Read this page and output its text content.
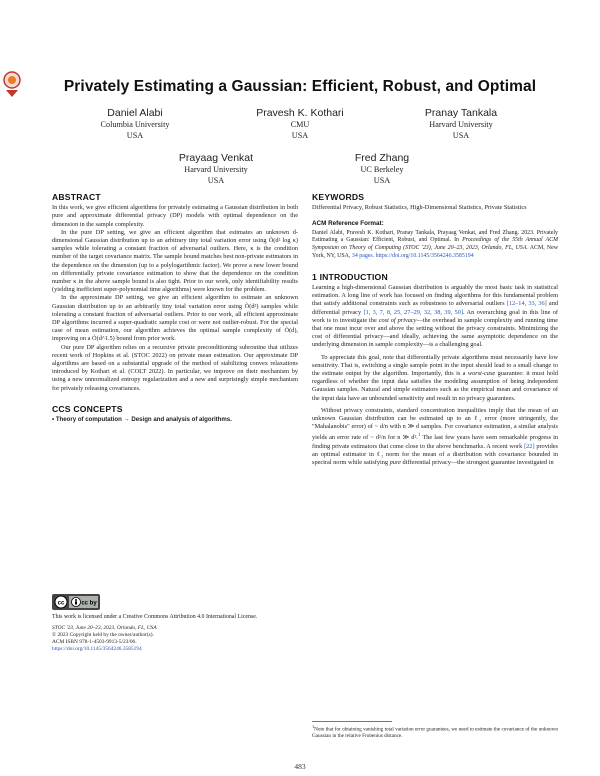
Privately Estimating a Gaussian: Efficient, Robust, and Optimal
Daniel Alabi
Columbia University
USA
Pravesh K. Kothari
CMU
USA
Pranay Tankala
Harvard University
USA
Prayaag Venkat
Harvard University
USA
Fred Zhang
UC Berkeley
USA
ABSTRACT

In this work, we give efficient algorithms for privately estimating a Gaussian distribution in both pure and approximate differential privacy (DP) models with optimal dependence on the dimension in the sample complexity.

In the pure DP setting, we give an efficient algorithm that estimates an unknown d-dimensional Gaussian distribution up to an arbitrary tiny total variation error using Õ(d² log κ) samples while tolerating a constant fraction of adversarial outliers. Here, κ is the condition number of the target covariance matrix. The sample bound matches best non-private estimators in the dependence on the dimension (up to a polylogarithmic factor). We prove a new lower bound on differentially private covariance estimation to show that the dependence on the condition number κ in the above sample bound is also tight. Prior to our work, only identifiability results (yielding inefficient super-polynomial time algorithms) were known for the problem.

In the approximate DP setting, we give an efficient algorithm to estimate an unknown Gaussian distribution up to an arbitrarily tiny total variation error using Õ(d²) samples while tolerating a constant fraction of adversarial outliers. Prior to our work, all efficient approximate DP algorithms incurred a super-quadratic sample cost or were not outlier-robust. For the special case of mean estimation, our algorithm achieves the optimal sample complexity of Õ(d), improving on a Õ(d^1.5) bound from prior work.

Our pure DP algorithm relies on a recursive private preconditioning subroutine that utilizes recent work of Hopkins et al. (STOC 2022) on private mean estimation. Our approximate DP algorithms are based on a substantial upgrade of the method of stabilizing convex relaxations introduced by Kothari et al. (COLT 2022). In particular, we improve on their mechanism by using a new unnormalized entropy regularization and a new and surprisingly simple mechanism for privately releasing covariances.

CCS CONCEPTS

• Theory of computation → Design and analysis of algorithms.

cc	cc by
This work is licensed under a Creative Commons Attribution 4.0 International License.
STOC '23, June 20–23, 2023, Orlando, FL, USA
© 2023 Copyright held by the owner/author(s).
ACM ISBN 978-1-4503-9913-5/23/06.
https://doi.org/10.1145/3564246.3585194
KEYWORDS

Differential Privacy, Robust Statistics, High-Dimensional Statistics, Private Statistics

ACM Reference Format:

Daniel Alabi, Pravesh K. Kothari, Pranay Tankala, Prayaag Venkat, and Fred Zhang. 2023. Privately Estimating a Gaussian: Efficient, Robust, and Optimal. In Proceedings of the 55th Annual ACM Symposium on Theory of Computing (STOC '23), June 20–23, 2023, Orlando, FL, USA. ACM, New York, NY, USA, 34 pages. https://doi.org/10.1145/3564246.3585194

1 INTRODUCTION

Learning a high-dimensional Gaussian distribution is arguably the most basic task in statistical estimation. A long line of work has focused on finding algorithms for this fundamental problem that satisfy additional constraints such as robustness to adversarial outliers [12–14, 33, 36] and differential privacy [1, 3, 7, 8, 25, 27–29, 32, 38, 39, 50]. An overarching goal in this line of work is to investigate the cost of privacy—the overhead in sample complexity and running time that one must incur over and above the setting without the privacy constraints. Minimizing the cost of differential privacy—and ideally, achieving the same asymptotic dependence on the underlying dimension in sample complexity—is a challenging goal.

To appreciate this goal, note that differentially private algorithms must necessarily have low sensitivity. That is, switching a single sample point in the input should lead to a small change to the estimate output by the algorithm. Importantly, this is a worst-case guarantee: it must hold regardless of whether the input data satisfies the modeling assumption of being independent Gaussian samples. Natural and simple estimators such as the empirical mean and covariance of the input data have an unbounded sensitivity and result in no privacy guarantees.

Without privacy constraints, standard concentration inequalities imply that the mean of an unknown Gaussian distribution can be estimated up to an ℓ₂ error (more stringently, the "Mahalanobis" error) of ~ d/n with n ≫ d samples. For covariance estimation, a similar analysis yields an error rate of ~ d²/n for n ≫ d².$^1$ The last few years have seen remarkable progress in finding private estimators that come close to the above benchmarks. A recent work [22] provides an optimal estimator in ℓ₂ norm for the mean of a distribution with covariance bounded in spectral norm while satisfying pure differential privacy—the strongest guarantee investigated in

$^1$Note that for obtaining vanishing total variation error guarantees, we need to estimate the covariance of the unknown Gaussian in the relative Frobenius distance.
483
